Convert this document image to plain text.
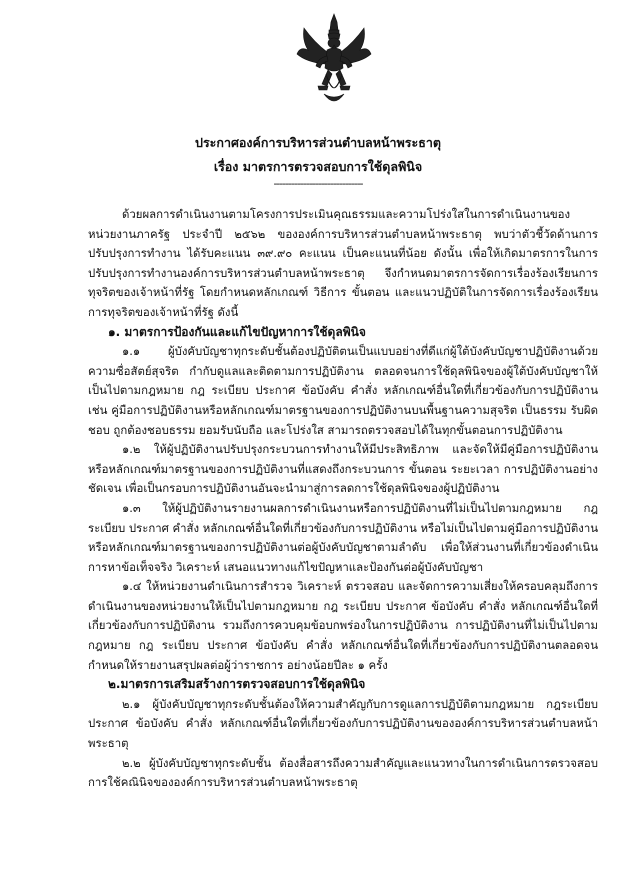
ประกาศองค์การบริหารส่วนตำบลหน้าพระธาตุ
เรื่อง มาตรการตรวจสอบการใช้ดุลพินิจ
------------------------------

ด้วยผลการดำเนินงานตามโครงการประเมินคุณธรรมและความโปร่งใสในการดำเนินงานของหน่วยงานภาครัฐ ประจำปี ๒๕๖๒ ขององค์การบริหารส่วนตำบลหน้าพระธาตุ พบว่าตัวชี้วัดด้านการปรับปรุงการทำงาน ได้รับคะแนน ๓๙.๙๐ คะแนน เป็นคะแนนที่น้อย ดังนั้น เพื่อให้เกิดมาตรการในการปรับปรุงการทำงานองค์การบริหารส่วนตำบลหน้าพระธาตุ จึงกำหนดมาตรการจัดการเรื่องร้องเรียนการทุจริตของเจ้าหน้าที่รัฐ โดยกำหนดหลักเกณฑ์ วิธีการ ขั้นตอน และแนวปฏิบัติในการจัดการเรื่องร้องเรียนการทุจริตของเจ้าหน้าที่รัฐ ดังนี้

๑. มาตรการป้องกันและแก้ไขปัญหาการใช้ดุลพินิจ

๑.๑ ผู้บังคับบัญชาทุกระดับชั้นต้องปฏิบัติตนเป็นแบบอย่างที่ดีแก่ผู้ใต้บังคับบัญชาปฏิบัติงานด้วยความซื่อสัตย์สุจริต กำกับดูแลและติดตามการปฏิบัติงาน ตลอดจนการใช้ดุลพินิจของผู้ใต้บังคับบัญชาให้เป็นไปตามกฎหมาย กฎ ระเบียบ ประกาศ ข้อบังคับ คำสั่ง หลักเกณฑ์อื่นใดที่เกี่ยวข้องกับการปฏิบัติงาน เช่น คู่มือการปฏิบัติงานหรือหลักเกณฑ์มาตรฐานของการปฏิบัติงานบนพื้นฐานความสุจริต เป็นธรรม รับผิดชอบ ถูกต้องชอบธรรม ยอมรับนับถือ และโปร่งใส สามารถตรวจสอบได้ในทุกขั้นตอนการปฏิบัติงาน

๑.๒ ให้ผู้ปฏิบัติงานปรับปรุงกระบวนการทำงานให้มีประสิทธิภาพ และจัดให้มีคู่มือการปฏิบัติงานหรือหลักเกณฑ์มาตรฐานของการปฏิบัติงานที่แสดงถึงกระบวนการ ขั้นตอน ระยะเวลา การปฏิบัติงานอย่างชัดเจน เพื่อเป็นกรอบการปฏิบัติงานอันจะนำมาสู่การลดการใช้ดุลพินิจของผู้ปฏิบัติงาน

๑.๓ ให้ผู้ปฏิบัติงานรายงานผลการดำเนินงานหรือการปฏิบัติงานที่ไม่เป็นไปตามกฎหมาย กฎ ระเบียบ ประกาศ คำสั่ง หลักเกณฑ์อื่นใดที่เกี่ยวข้องกับการปฏิบัติงาน หรือไม่เป็นไปตามคู่มือการปฏิบัติงานหรือหลักเกณฑ์มาตรฐานของการปฏิบัติงานต่อผู้บังคับบัญชาตามลำดับ เพื่อให้ส่วนงานที่เกี่ยวข้องดำเนินการหาข้อเท็จจริง วิเคราะห์ เสนอแนวทางแก้ไขปัญหาและป้องกันต่อผู้บังคับบัญชา

๑.๔ ให้หน่วยงานดำเนินการสำรวจ วิเคราะห์ ตรวจสอบ และจัดการความเสี่ยงให้ครอบคลุมถึงการดำเนินงานของหน่วยงานให้เป็นไปตามกฎหมาย กฎ ระเบียบ ประกาศ ข้อบังคับ คำสั่ง หลักเกณฑ์อื่นใดที่เกี่ยวข้องกับการปฏิบัติงาน รวมถึงการควบคุมข้อบกพร่องในการปฏิบัติงาน การปฏิบัติงานที่ไม่เป็นไปตามกฎหมาย กฎ ระเบียบ ประกาศ ข้อบังคับ คำสั่ง หลักเกณฑ์อื่นใดที่เกี่ยวข้องกับการปฏิบัติงานตลอดจนกำหนดให้รายงานสรุปผลต่อผู้ว่าราชการ อย่างน้อยปีละ ๑ ครั้ง

๒.มาตรการเสริมสร้างการตรวจสอบการใช้ดุลพินิจ

๒.๑ ผู้บังคับบัญชาทุกระดับชั้นต้องให้ความสำคัญกับการดูแลการปฏิบัติตามกฎหมาย กฎระเบียบ ประกาศ ข้อบังคับ คำสั่ง หลักเกณฑ์อื่นใดที่เกี่ยวข้องกับการปฏิบัติงานขององค์การบริหารส่วนตำบลหน้าพระธาตุ

๒.๒ ผู้บังคับบัญชาทุกระดับชั้น ต้องสื่อสารถึงความสำคัญและแนวทางในการดำเนินการตรวจสอบการใช้คณินิจขององค์การบริหารส่วนตำบลหน้าพระธาตุ
